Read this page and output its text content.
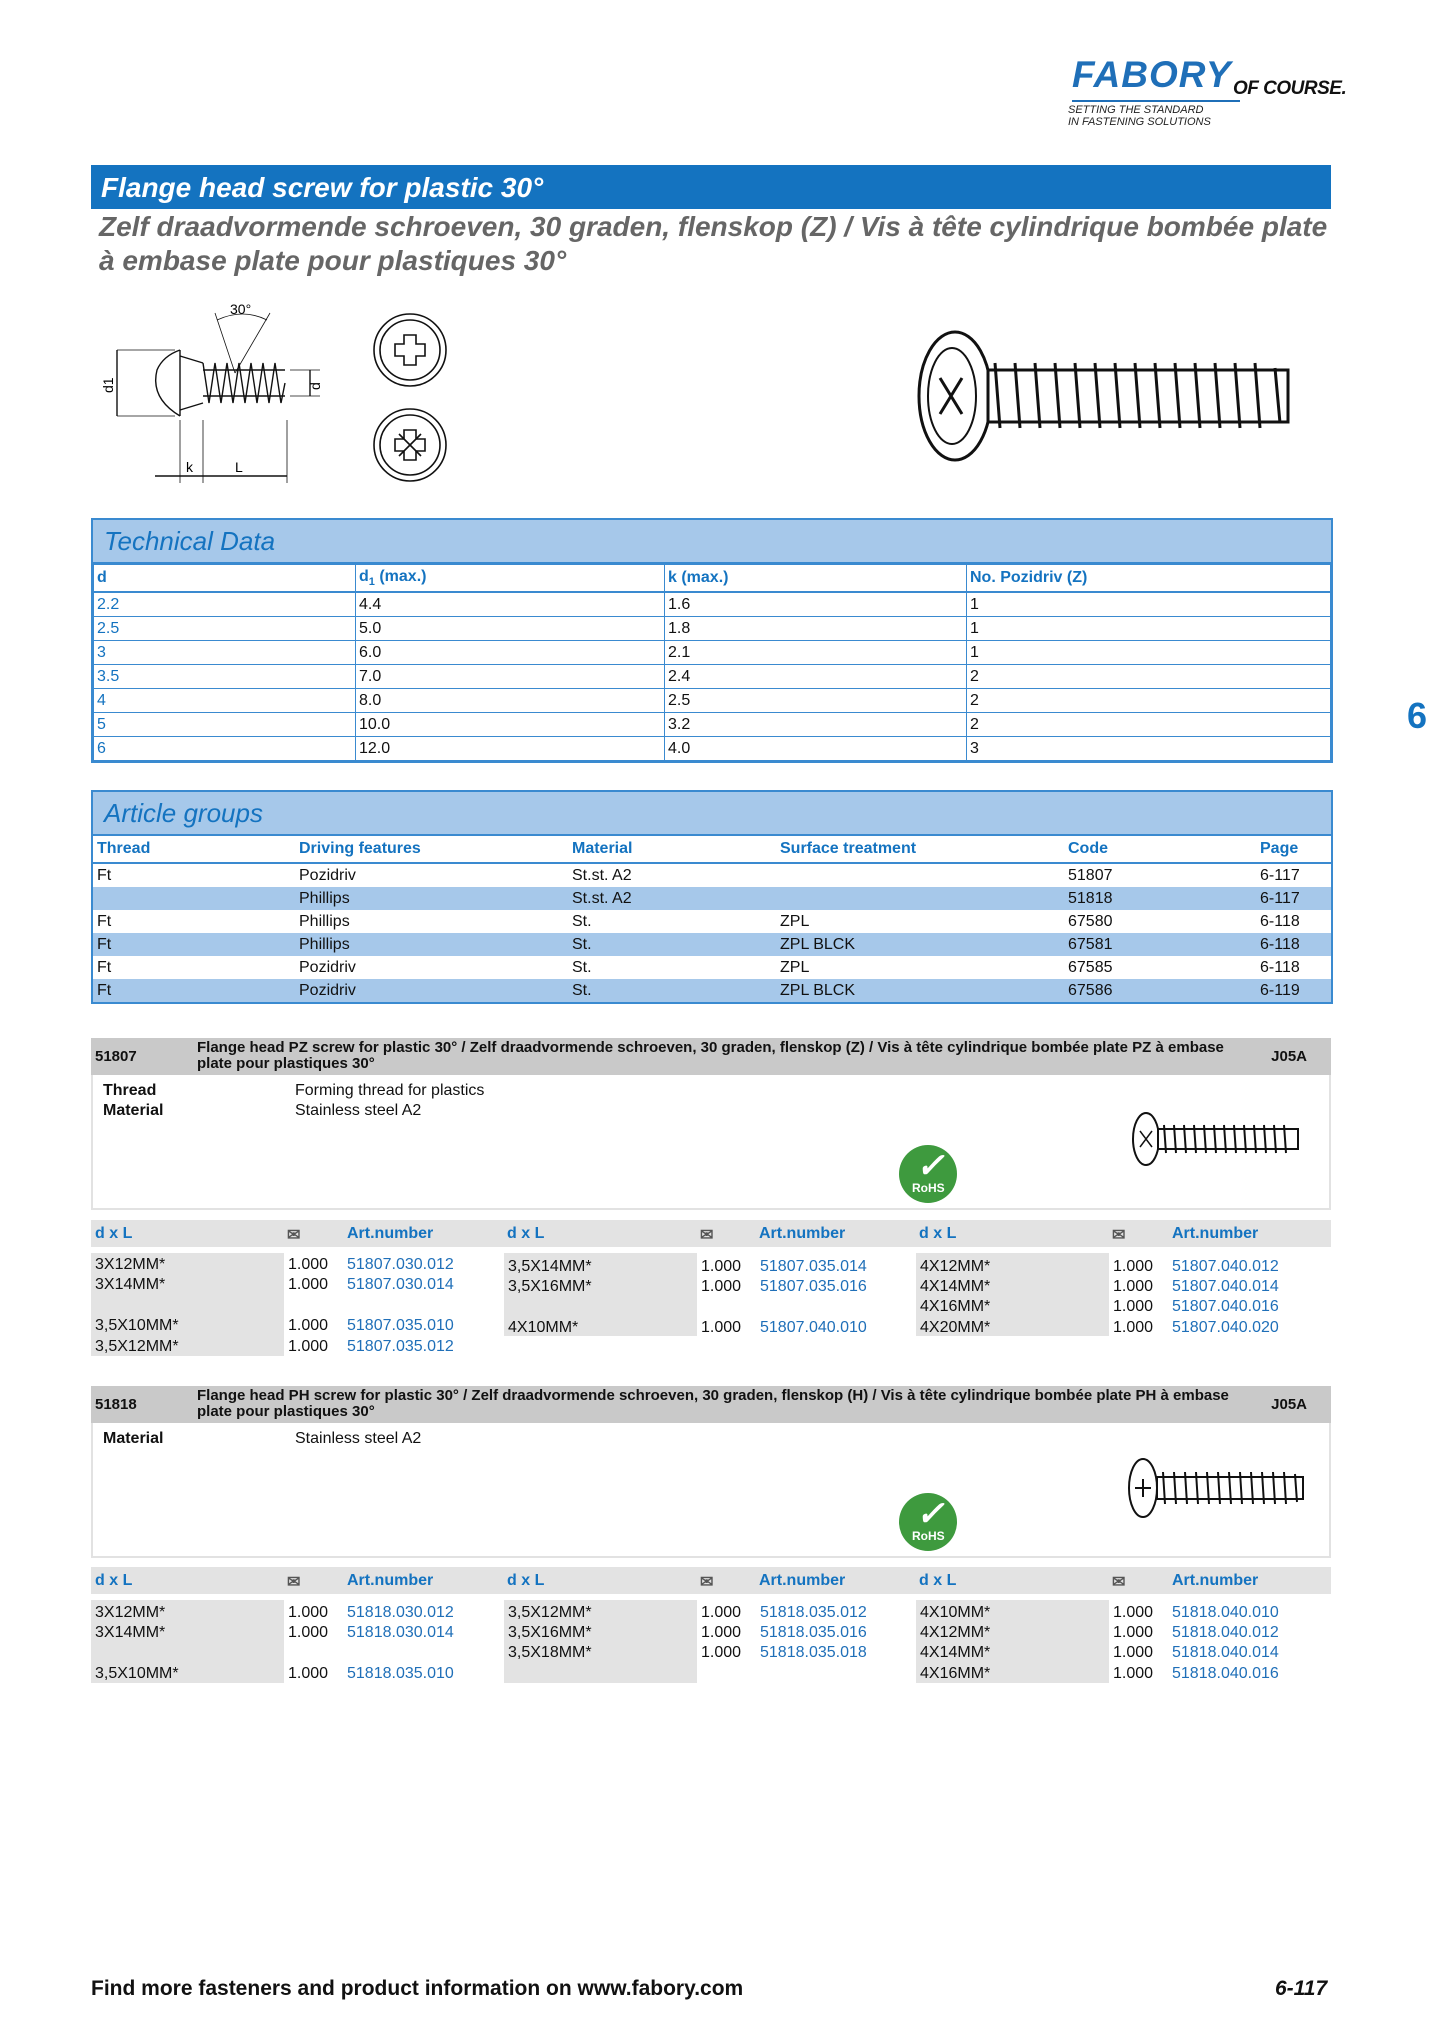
FABORY OF COURSE.
SETTING THE STANDARD
IN FASTENING SOLUTIONS
Flange head screw for plastic 30°
Zelf draadvormende schroeven, 30 graden, flenskop (Z) / Vis à tête cylindrique bombée plate à embase plate pour plastiques 30°
6
30°
d1	d
k	L
Technical Data
d	$d_1$ (max.)	k (max.)	No. Pozidriv (Z)
2.2	4.4	1.6	1
2.5	5.0	1.8	1
3	6.0	2.1	1
3.5	7.0	2.4	2
4	8.0	2.5	2
5	10.0	3.2	2
6	12.0	4.0	3
Article groups
Thread	Driving features	Material	Surface treatment	Code	Page
Ft	Pozidriv	St.st. A2		51807	6-117
	Phillips	St.st. A2		51818	6-117
Ft	Phillips	St.	ZPL	67580	6-118
Ft	Phillips	St.	ZPL BLCK	67581	6-118
Ft	Pozidriv	St.	ZPL	67585	6-118
Ft	Pozidriv	St.	ZPL BLCK	67586	6-119
51807
Flange head PZ screw for plastic 30° / Zelf draadvormende schroeven, 30 graden, flenskop (Z) / Vis à tête cylindrique bombée plate PZ à embase plate pour plastiques 30°	J05A
Thread	Forming thread for plastics
Material	Stainless steel A2
✓
RoHS
d x L	✉	Art.number	d x L	✉	Art.number	d x L	✉	Art.number
3X12MM*	1.000 51807.030.012
3X14MM*	1.000 51807.030.014
3,5X10MM*	1.000 51807.035.010
3,5X12MM*	1.000 51807.035.012
3,5X14MM*	1.000 51807.035.014
3,5X16MM*	1.000 51807.035.016
4X10MM*	1.000 51807.040.010
4X12MM*	1.000 51807.040.012
4X14MM*	1.000 51807.040.014
4X16MM*	1.000 51807.040.016
4X20MM*	1.000 51807.040.020
51818
Flange head PH screw for plastic 30° / Zelf draadvormende schroeven, 30 graden, flenskop (H) / Vis à tête cylindrique bombée plate PH à embase plate pour plastiques 30°	J05A
Material	Stainless steel A2
✓
RoHS
d x L	✉	Art.number	d x L	✉	Art.number	d x L	✉	Art.number
3X12MM*	1.000 51818.030.012
3X14MM*	1.000 51818.030.014
3,5X10MM*	1.000 51818.035.010
3,5X12MM*	1.000 51818.035.012
3,5X16MM*	1.000 51818.035.016
3,5X18MM*	1.000 51818.035.018
4X10MM*	1.000 51818.040.010
4X12MM*	1.000 51818.040.012
4X14MM*	1.000 51818.040.014
4X16MM*	1.000 51818.040.016
Find more fasteners and product information on www.fabory.com	6-117
